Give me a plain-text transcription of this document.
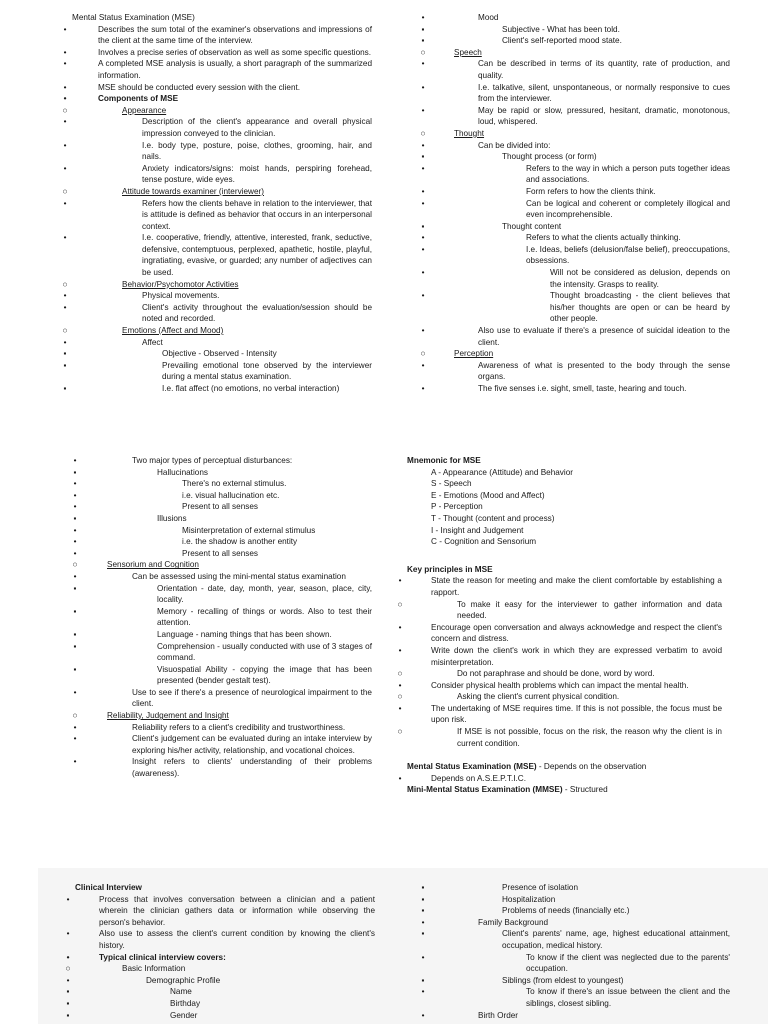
Mental Status Examination (MSE)

•	Describes the sum total of the examiner's observations and impressions of the client at the same time of the interview.
•	Involves a precise series of observation as well as some specific questions.
•	A completed MSE analysis is usually, a short paragraph of the summarized information.
•	MSE should be conducted every session with the client.
•	Components of MSE
○	Appearance
•	Description of the client's appearance and overall physical impression conveyed to the clinician.
•	I.e. body type, posture, poise, clothes, grooming, hair, and nails.
•	Anxiety indicators/signs: moist hands, perspiring forehead, tense posture, wide eyes.
○	Attitude towards examiner (interviewer)
•	Refers how the clients behave in relation to the interviewer, that is attitude is defined as behavior that occurs in an interpersonal context.
•	I.e. cooperative, friendly, attentive, interested, frank, seductive, defensive, contemptuous, perplexed, apathetic, hostile, playful, ingratiating, evasive, or guarded; any number of adjectives can be used.
○	Behavior/Psychomotor Activities
•	Physical movements.
•	Client's activity throughout the evaluation/session should be noted and recorded.
○	Emotions (Affect and Mood)
•	Affect
▪	Objective - Observed - Intensity
▪	Prevailing emotional tone observed by the interviewer during a mental status examination.
▪	I.e. flat affect (no emotions, no verbal interaction)
•	Mood
▪	Subjective - What has been told.
▪	Client's self-reported mood state.
○	Speech
•	Can be described in terms of its quantity, rate of production, and quality.
•	I.e. talkative, silent, unspontaneous, or normally responsive to cues from the interviewer.
•	May be rapid or slow, pressured, hesitant, dramatic, monotonous, loud, whispered.
○	Thought
•	Can be divided into:
▪	Thought process (or form)
•	Refers to the way in which a person puts together ideas and associations.
•	Form refers to how the clients think.
•	Can be logical and coherent or completely illogical and even incomprehensible.
▪	Thought content
•	Refers to what the clients actually thinking.
•	I.e. Ideas, beliefs (delusion/false belief), preoccupations, obsessions.
•	Will not be considered as delusion, depends on the intensity. Grasps to reality.
•	Thought broadcasting - the client believes that his/her thoughts are open or can be heard by other people.
•	Also use to evaluate if there's a presence of suicidal ideation to the client.
○	Perception
•	Awareness of what is presented to the body through the sense organs.
•	The five senses i.e. sight, smell, taste, hearing and touch.
•	Two major types of perceptual disturbances:
▪	Hallucinations
•	There's no external stimulus.
•	i.e. visual hallucination etc.
•	Present to all senses
▪	Illusions
•	Misinterpretation of external stimulus
•	i.e. the shadow is another entity
•	Present to all senses
○	Sensorium and Cognition
•	Can be assessed using the mini-mental status examination
▪	Orientation - date, day, month, year, season, place, city, locality.
▪	Memory - recalling of things or words. Also to test their attention.
▪	Language - naming things that has been shown.
▪	Comprehension - usually conducted with use of 3 stages of command.
▪	Visuospatial Ability - copying the image that has been presented (bender gestalt test).
•	Use to see if there's a presence of neurological impairment to the client.
○	Reliability, Judgement and Insight
•	Reliability refers to a client's credibility and trustworthiness.
•	Client's judgement can be evaluated during an intake interview by exploring his/her activity, relationship, and vocational choices.
•	Insight refers to clients' understanding of their problems (awareness).

Mnemonic for MSE

A - Appearance (Attitude) and Behavior
S - Speech
E - Emotions (Mood and Affect)
P - Perception
T - Thought (content and process)
I - Insight and Judgement
C - Cognition and Sensorium

Key principles in MSE

•	State the reason for meeting and make the client comfortable by establishing a rapport.
○	To make it easy for the interviewer to gather information and data needed.
•	Encourage open conversation and always acknowledge and respect the client's concern and distress.
•	Write down the client's work in which they are expressed verbatim to avoid misinterpretation.
○	Do not paraphrase and should be done, word by word.
•	Consider physical health problems which can impact the mental health.
○	Asking the client's current physical condition.
•	The undertaking of MSE requires time. If this is not possible, the focus must be upon risk.
○	If MSE is not possible, focus on the risk, the reason why the client is in current condition.

Mental Status Examination (MSE) - Depends on the observation

•	Depends on A.S.E.P.T.I.C.

Mini-Mental Status Examination (MMSE) - Structured

Clinical Interview

•	Process that involves conversation between a clinician and a patient wherein the clinician gathers data or information while observing the person's behavior.
•	Also use to assess the client's current condition by knowing the client's history.
•	Typical clinical interview covers:
○	Basic Information
•	Demographic Profile
▪	Name
▪	Birthday
▪	Gender
▪	Presence of isolation
▪	Hospitalization
▪	Problems of needs (financially etc.)
•	Family Background
▪	Client's parents' name, age, highest educational attainment, occupation, medical history.
•	To know if the client was neglected due to the parents' occupation.
▪	Siblings (from eldest to youngest)
•	To know if there's an issue between the client and the siblings, closest sibling.
•	Birth Order
